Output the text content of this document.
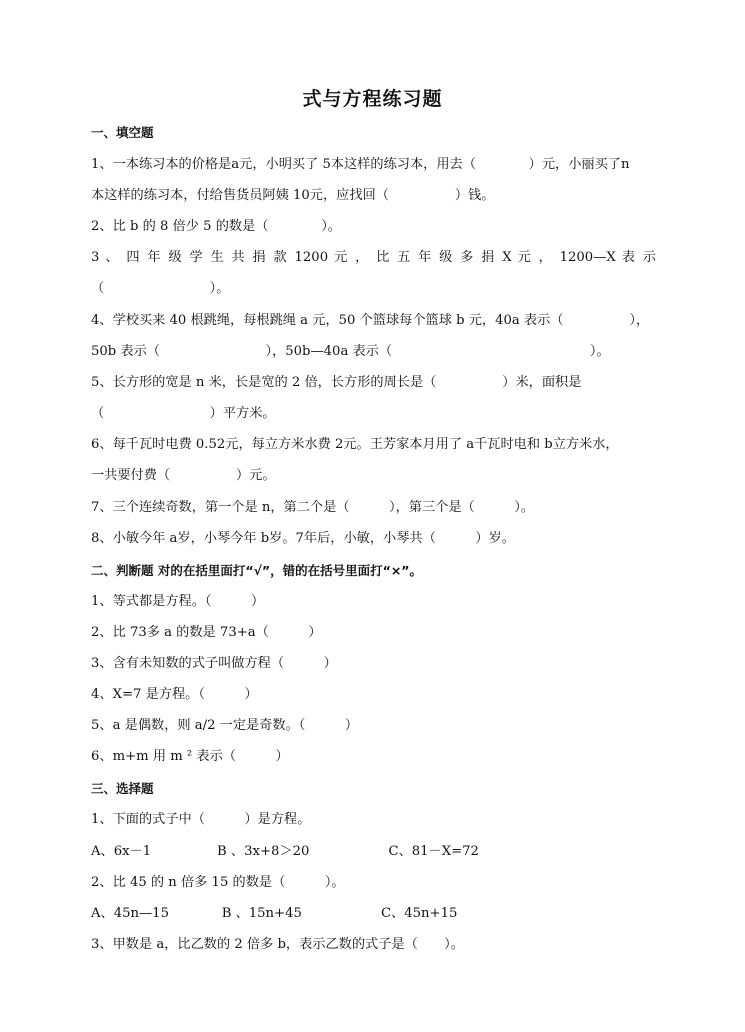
式与方程练习题
一、填空题
1、一本练习本的价格是a元，小明买了 5本这样的练习本，用去（　　　　）元，小丽买了n
本这样的练习本，付给售货员阿姨 10元，应找回（　　　　　）钱。
2、比 b 的 8 倍少 5 的数是（　　　　）。
3 、 四 年 级 学 生 共 捐 款 1200 元 ， 比 五 年 级 多 捐 X 元 ， 1200—X 表 示
（　　　　　　　　）。
4、学校买来 40 根跳绳，每根跳绳 a 元，50 个篮球每个篮球 b 元，40a 表示（　　　　　），
50b 表示（　　　　　　　　），50b—40a 表示（　　　　　　　　　　　　　　　）。
5、长方形的宽是 n 米，长是宽的 2 倍，长方形的周长是（　　　　　）米，面积是
（　　　　　　　　）平方米。
6、每千瓦时电费 0.52元，每立方米水费 2元。王芳家本月用了 a千瓦时电和 b立方米水，
一共要付费（　　　　　）元。
7、三个连续奇数，第一个是 n，第二个是（　　　），第三个是（　　　）。
8、小敏今年 a岁，小琴今年 b岁。7年后，小敏，小琴共（　　　）岁。
二、判断题 对的在括里面打“√”，错的在括号里面打“×”。
1、等式都是方程。（　　　）
2、比 73多 a 的数是 73+a（　　　）
3、含有未知数的式子叫做方程（　　　）
4、X=7 是方程。（　　　）
5、a 是偶数，则 a/2 一定是奇数。（　　　）
6、m+m 用 m ² 表示（　　　）
三、选择题
1、下面的式子中（　　　）是方程。
A、6x－1　　　　　B 、3x+8＞20　　　　　　C、81－X=72
2、比 45 的 n 倍多 15 的数是（　　　）。
A、45n—15　　　　B 、15n+45　　　　　　C、45n+15
3、甲数是 a，比乙数的 2 倍多 b，表示乙数的式子是（　　）。
